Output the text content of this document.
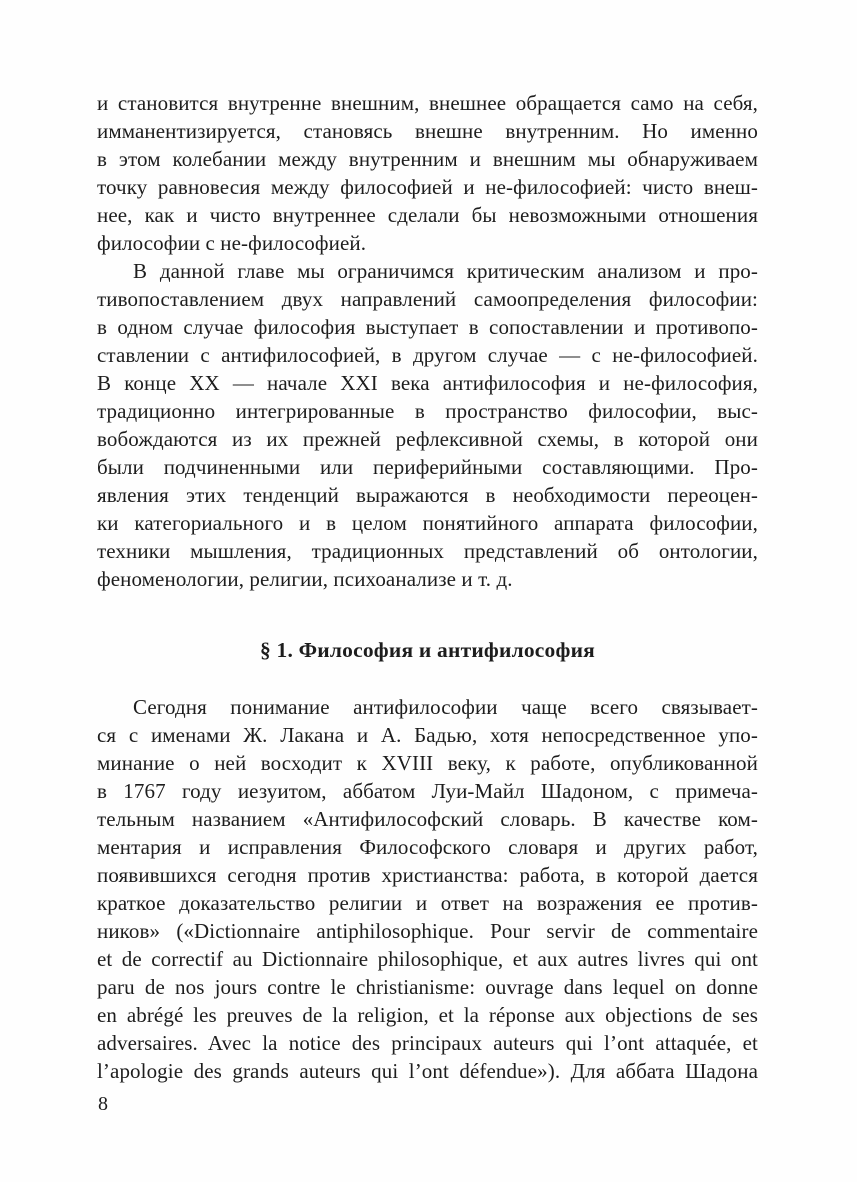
и становится внутренне внешним, внешнее обращается само на себя,
имманентизируется, становясь внешне внутренним. Но именно
в этом колебании между внутренним и внешним мы обнаруживаем
точку равновесия между философией и не-философией: чисто внеш-
нее, как и чисто внутреннее сделали бы невозможными отношения
философии с не-философией.
В данной главе мы ограничимся критическим анализом и про-
тивопоставлением двух направлений самоопределения философии:
в одном случае философия выступает в сопоставлении и противопо-
ставлении с антифилософией, в другом случае — с не-философией.
В конце XX — начале XXI века антифилософия и не-философия,
традиционно интегрированные в пространство философии, выс-
вобождаются из их прежней рефлексивной схемы, в которой они
были подчиненными или периферийными составляющими. Про-
явления этих тенденций выражаются в необходимости переоцен-
ки категориального и в целом понятийного аппарата философии,
техники мышления, традиционных представлений об онтологии,
феноменологии, религии, психоанализе и т. д.
§ 1. Философия и антифилософия
Сегодня понимание антифилософии чаще всего связывает-
ся с именами Ж. Лакана и А. Бадью, хотя непосредственное упо-
минание о ней восходит к XVIII веку, к работе, опубликованной
в 1767 году иезуитом, аббатом Луи-Майл Шадоном, с примеча-
тельным названием «Антифилософский словарь. В качестве ком-
ментария и исправления Философского словаря и других работ,
появившихся сегодня против христианства: работа, в которой дается
краткое доказательство религии и ответ на возражения ее против-
ников» («Dictionnaire antiphilosophique. Pour servir de commentaire
et de correctif au Dictionnaire philosophique, et aux autres livres qui ont
paru de nos jours contre le christianisme: ouvrage dans lequel on donne
en abrégé les preuves de la religion, et la réponse aux objections de ses
adversaires. Avec la notice des principaux auteurs qui l’ont attaquée, et
l’apologie des grands auteurs qui l’ont défendue»). Для аббата Шадона
8
